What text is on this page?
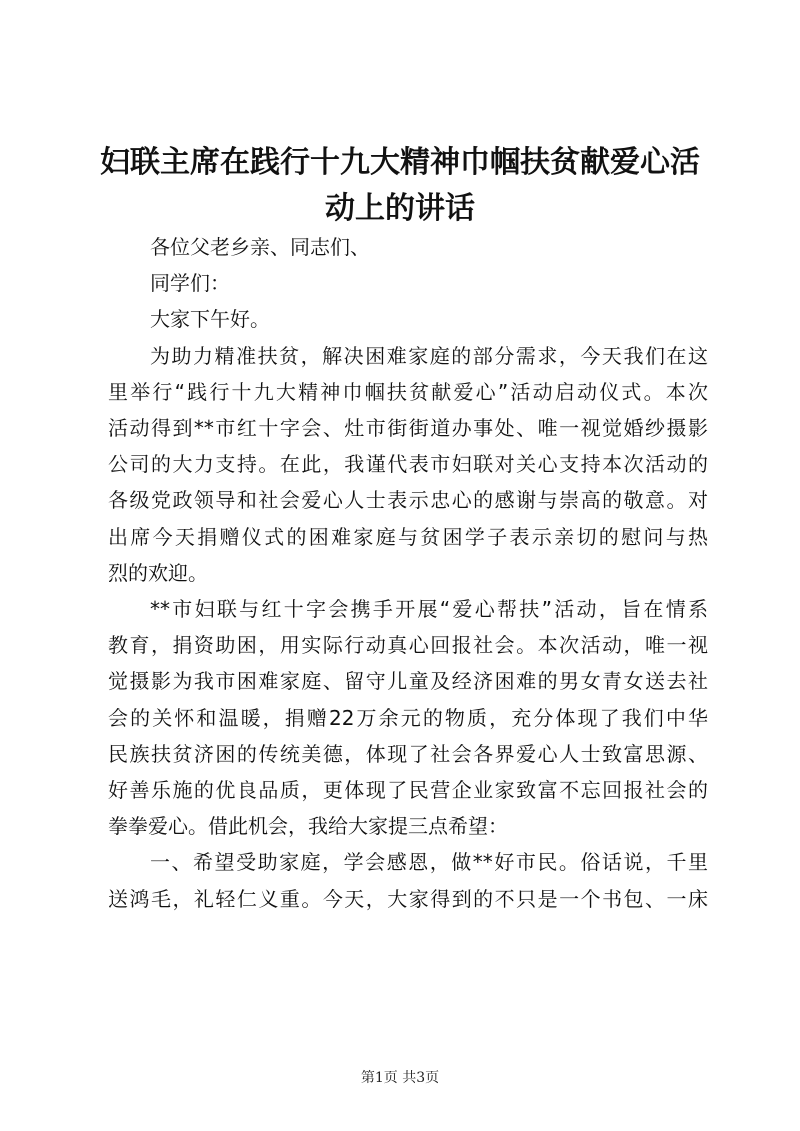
妇联主席在践行十九大精神巾帼扶贫献爱心活
动上的讲话
各位父老乡亲、同志们、
同学们：
大家下午好。
为助力精准扶贫，解决困难家庭的部分需求，今天我们在这
里举行“践行十九大精神巾帼扶贫献爱心”活动启动仪式。本次
活动得到**市红十字会、灶市街街道办事处、唯一视觉婚纱摄影
公司的大力支持。在此，我谨代表市妇联对关心支持本次活动的
各级党政领导和社会爱心人士表示忠心的感谢与崇高的敬意。对
出席今天捐赠仪式的困难家庭与贫困学子表示亲切的慰问与热
烈的欢迎。
**市妇联与红十字会携手开展“爱心帮扶”活动，旨在情系
教育，捐资助困，用实际行动真心回报社会。本次活动，唯一视
觉摄影为我市困难家庭、留守儿童及经济困难的男女青女送去社
会的关怀和温暖，捐赠22万余元的物质，充分体现了我们中华
民族扶贫济困的传统美德，体现了社会各界爱心人士致富思源、
好善乐施的优良品质，更体现了民营企业家致富不忘回报社会的
拳拳爱心。借此机会，我给大家提三点希望：
一、希望受助家庭，学会感恩，做**好市民。俗话说，千里
送鸿毛，礼轻仁义重。今天，大家得到的不只是一个书包、一床
第1页 共3页
